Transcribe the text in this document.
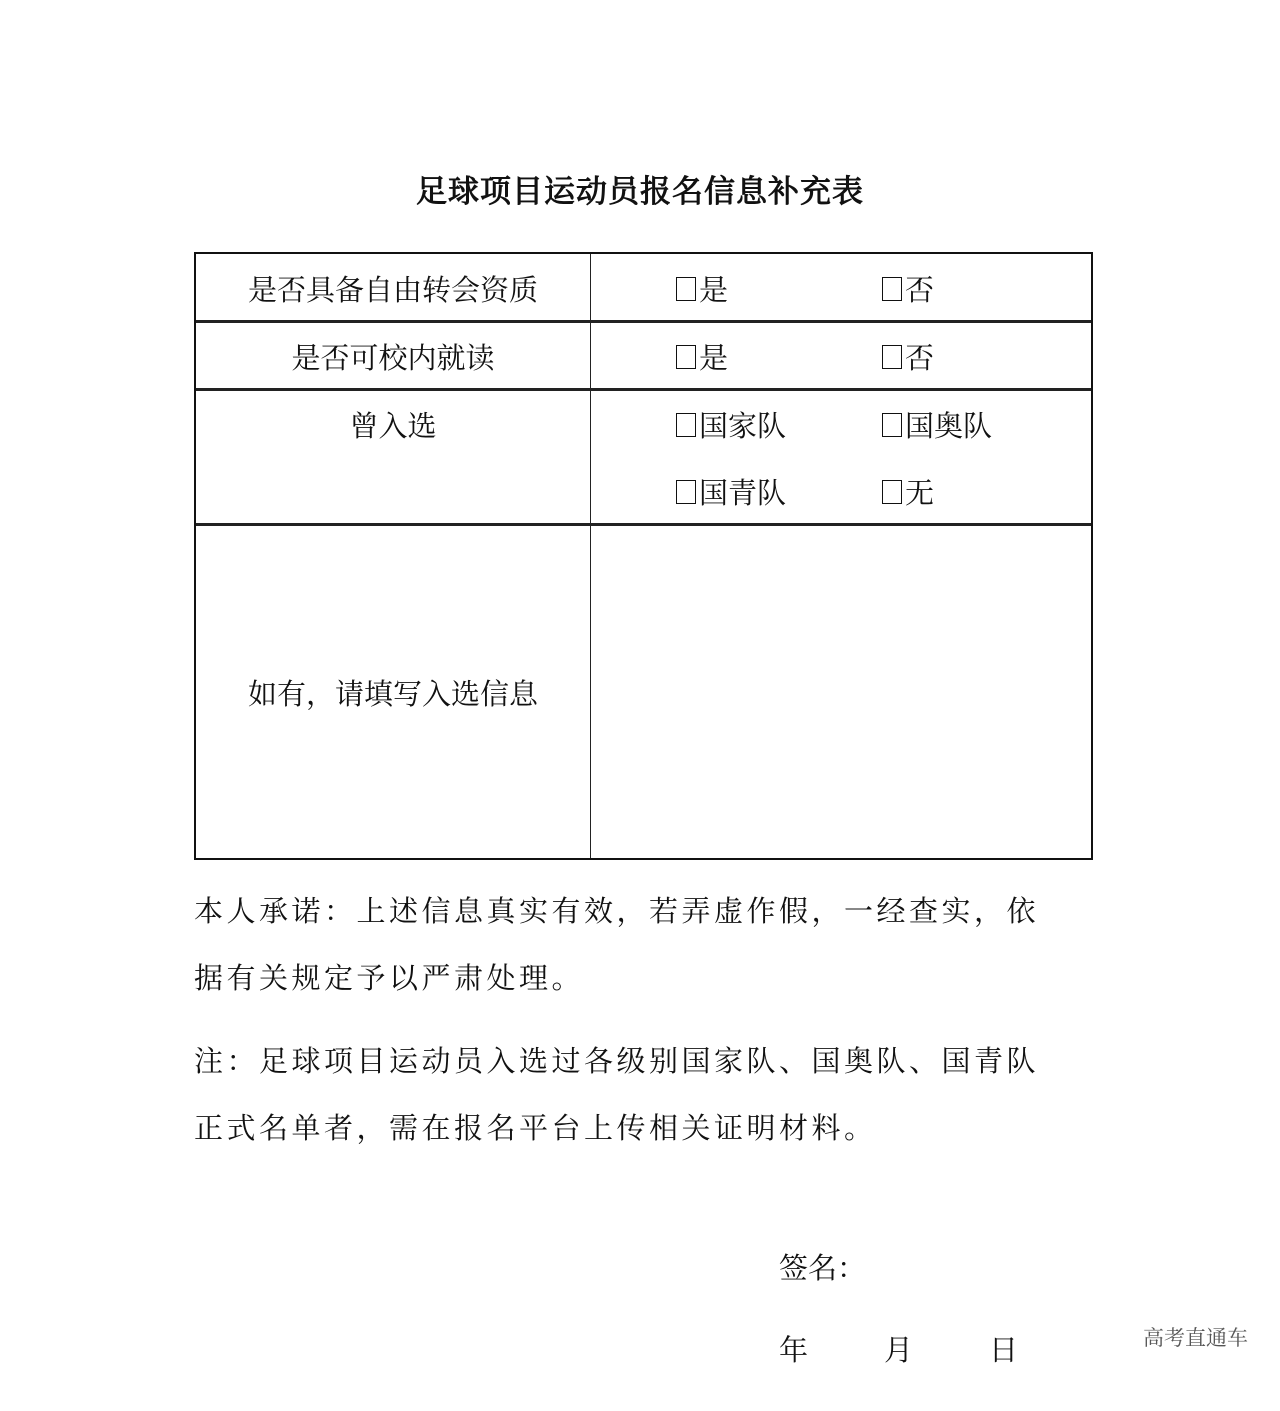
足球项目运动员报名信息补充表
是否具备自由转会资质	是	否
是否可校内就读	是	否
曾入选	国家队	国奥队
国青队	无
如有，请填写入选信息
本人承诺：上述信息真实有效，若弄虚作假，一经查实，依
据有关规定予以严肃处理。
注：足球项目运动员入选过各级别国家队、国奥队、国青队
正式名单者，需在报名平台上传相关证明材料。
签名：
年	月	日	高考直通车
